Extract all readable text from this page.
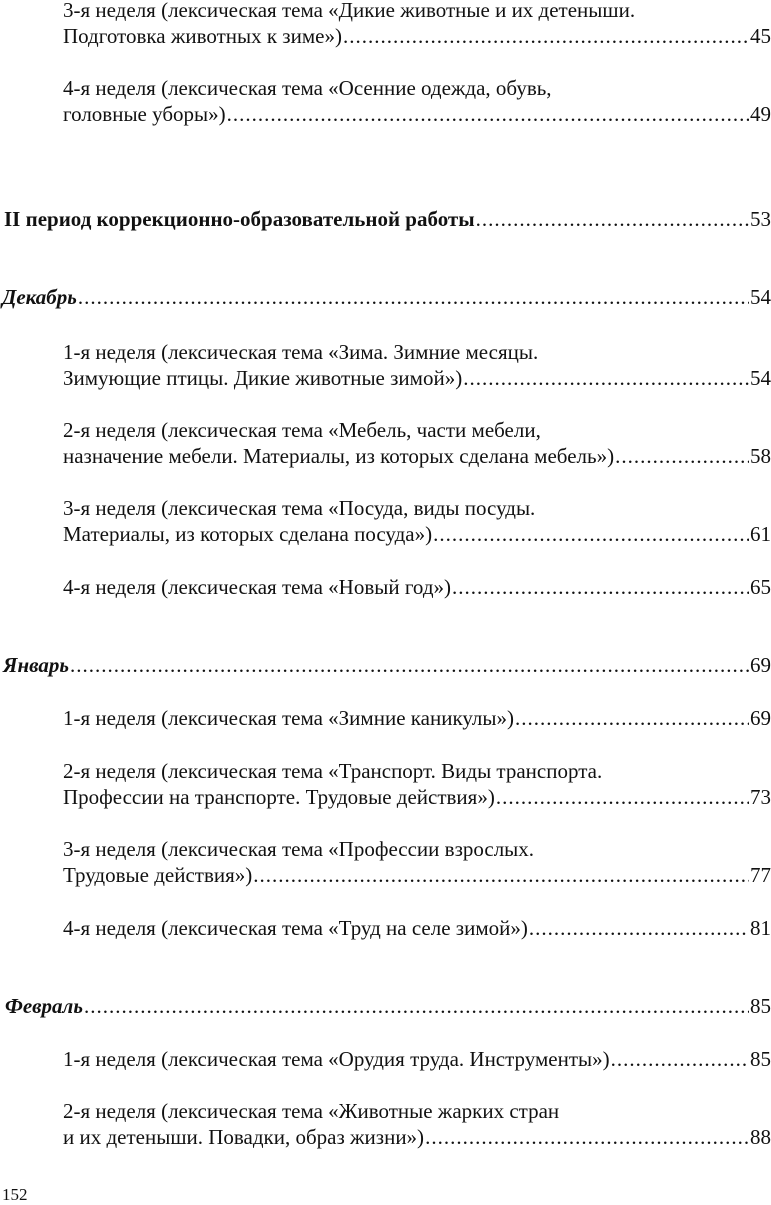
3-я неделя (лексическая тема «Дикие животные и их детеныши.
Подготовка животных к зиме») .....	45
4-я неделя (лексическая тема «Осенние одежда, обувь,
головные уборы») .....	49
II период коррекционно-образовательной работы .....	53
Декабрь .....	54
1-я неделя (лексическая тема «Зима. Зимние месяцы.
Зимующие птицы. Дикие животные зимой») .....	54
2-я неделя (лексическая тема «Мебель, части мебели,
назначение мебели. Материалы, из которых сделана мебель») .....	58
3-я неделя (лексическая тема «Посуда, виды посуды.
Материалы, из которых сделана посуда») .....	61
4-я неделя (лексическая тема «Новый год») .....	65
Январь .....	69
1-я неделя (лексическая тема «Зимние каникулы») .....	69
2-я неделя (лексическая тема «Транспорт. Виды транспорта.
Профессии на транспорте. Трудовые действия») .....	73
3-я неделя (лексическая тема «Профессии взрослых.
Трудовые действия») .....	77
4-я неделя (лексическая тема «Труд на селе зимой») .....	81
Февраль .....	85
1-я неделя (лексическая тема «Орудия труда. Инструменты») .....	85
2-я неделя (лексическая тема «Животные жарких стран
и их детеныши. Повадки, образ жизни») .....	88
152
